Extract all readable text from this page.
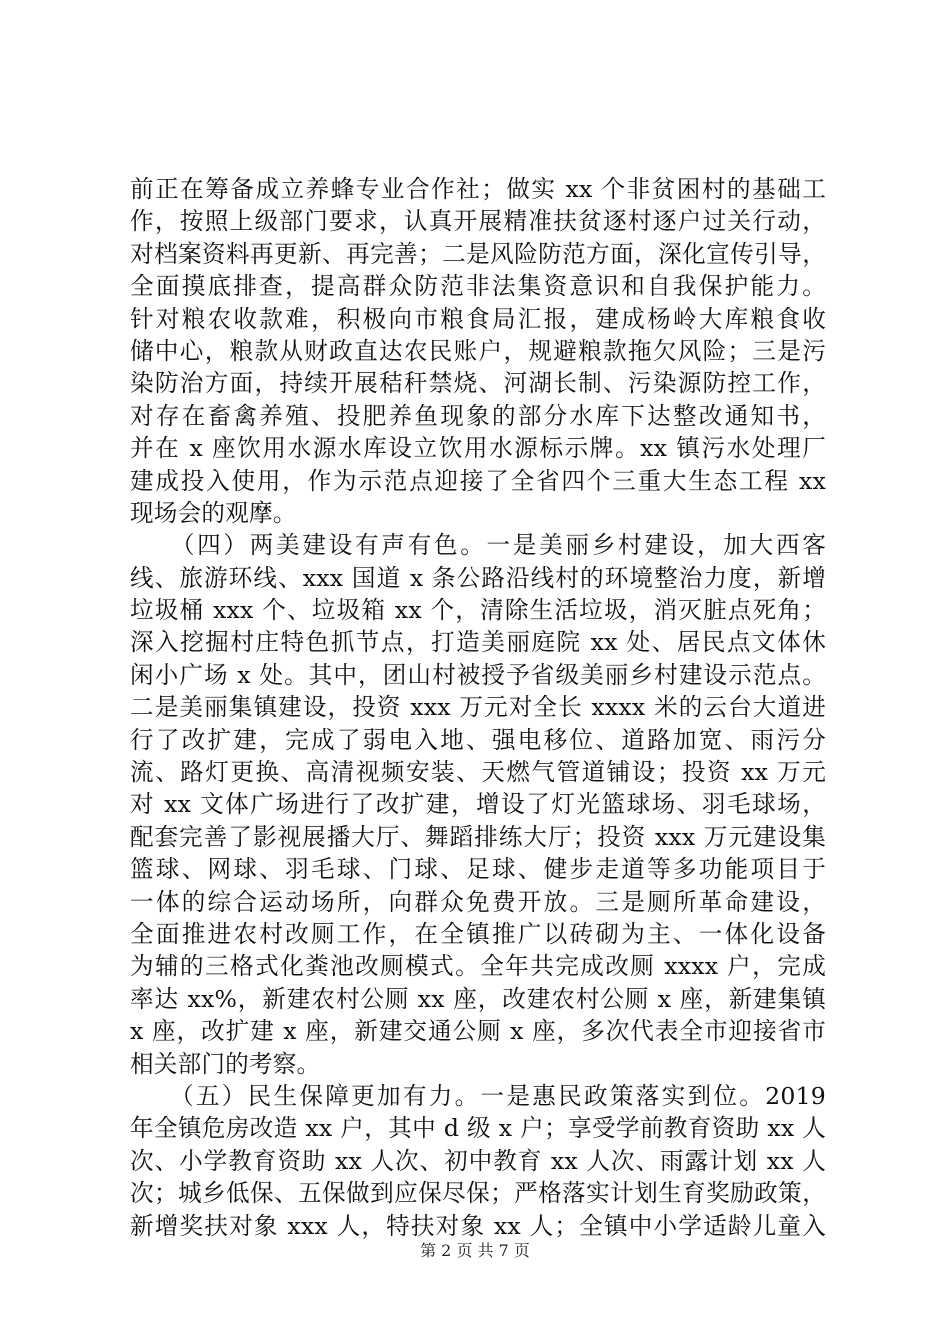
前正在筹备成立养蜂专业合作社；做实 xx 个非贫困村的基础工
作，按照上级部门要求，认真开展精准扶贫逐村逐户过关行动，
对档案资料再更新、再完善；二是风险防范方面，深化宣传引导，
全面摸底排查，提高群众防范非法集资意识和自我保护能力。
针对粮农收款难，积极向市粮食局汇报，建成杨岭大库粮食收
储中心，粮款从财政直达农民账户，规避粮款拖欠风险；三是污
染防治方面，持续开展秸秆禁烧、河湖长制、污染源防控工作，
对存在畜禽养殖、投肥养鱼现象的部分水库下达整改通知书，
并在 x 座饮用水源水库设立饮用水源标示牌。xx 镇污水处理厂
建成投入使用，作为示范点迎接了全省四个三重大生态工程 xx
现场会的观摩。
　　（四）两美建设有声有色。一是美丽乡村建设，加大西客
线、旅游环线、xxx 国道 x 条公路沿线村的环境整治力度，新增
垃圾桶 xxx 个、垃圾箱 xx 个，清除生活垃圾，消灭脏点死角；
深入挖掘村庄特色抓节点，打造美丽庭院 xx 处、居民点文体休
闲小广场 x 处。其中，团山村被授予省级美丽乡村建设示范点。
二是美丽集镇建设，投资 xxx 万元对全长 xxxx 米的云台大道进
行了改扩建，完成了弱电入地、强电移位、道路加宽、雨污分
流、路灯更换、高清视频安装、天燃气管道铺设；投资 xx 万元
对 xx 文体广场进行了改扩建，增设了灯光篮球场、羽毛球场，
配套完善了影视展播大厅、舞蹈排练大厅；投资 xxx 万元建设集
篮球、网球、羽毛球、门球、足球、健步走道等多功能项目于
一体的综合运动场所，向群众免费开放。三是厕所革命建设，
全面推进农村改厕工作，在全镇推广以砖砌为主、一体化设备
为辅的三格式化粪池改厕模式。全年共完成改厕 xxxx 户，完成
率达 xx%，新建农村公厕 xx 座，改建农村公厕 x 座，新建集镇
x 座，改扩建 x 座，新建交通公厕 x 座，多次代表全市迎接省市
相关部门的考察。
　　（五）民生保障更加有力。一是惠民政策落实到位。2019
年全镇危房改造 xx 户，其中 d 级 x 户；享受学前教育资助 xx 人
次、小学教育资助 xx 人次、初中教育 xx 人次、雨露计划 xx 人
次；城乡低保、五保做到应保尽保；严格落实计划生育奖励政策，
新增奖扶对象 xxx 人，特扶对象 xx 人；全镇中小学适龄儿童入
第 2 页 共 7 页
